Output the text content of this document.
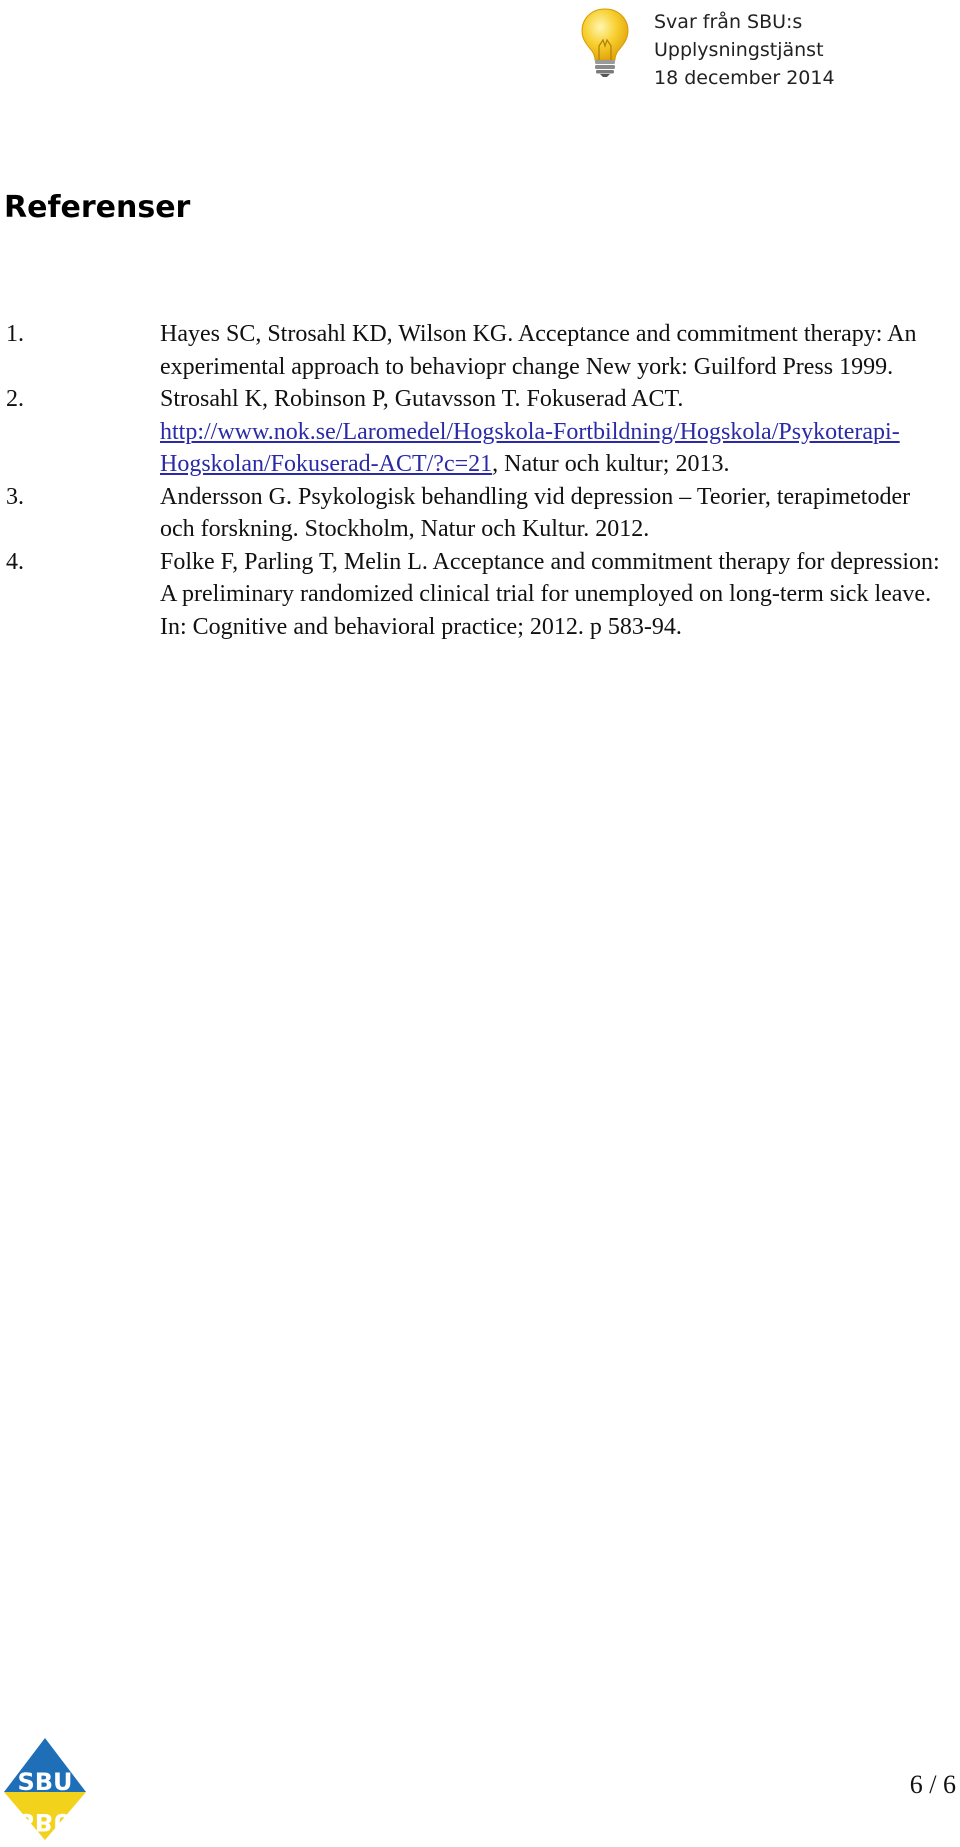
Svar från SBU:s Upplysningstjänst
18 december 2014
Referenser
1.	Hayes SC, Strosahl KD, Wilson KG. Acceptance and commitment therapy: An experimental approach to behaviopr change New york: Guilford Press 1999.
2.	Strosahl K, Robinson P, Gutavsson T. Fokuserad ACT. http://www.nok.se/Laromedel/Hogskola-Fortbildning/Hogskola/Psykoterapi-Hogskolan/Fokuserad-ACT/?c=21, Natur och kultur; 2013.
3.	Andersson G. Psykologisk behandling vid depression – Teorier, terapimetoder och forskning. Stockholm, Natur och Kultur. 2012.
4.	Folke F, Parling T, Melin L. Acceptance and commitment therapy for depression: A preliminary randomized clinical trial for unemployed on long-term sick leave. In: Cognitive and behavioral practice; 2012. p 583-94.
SBU
SBU
6 / 6
